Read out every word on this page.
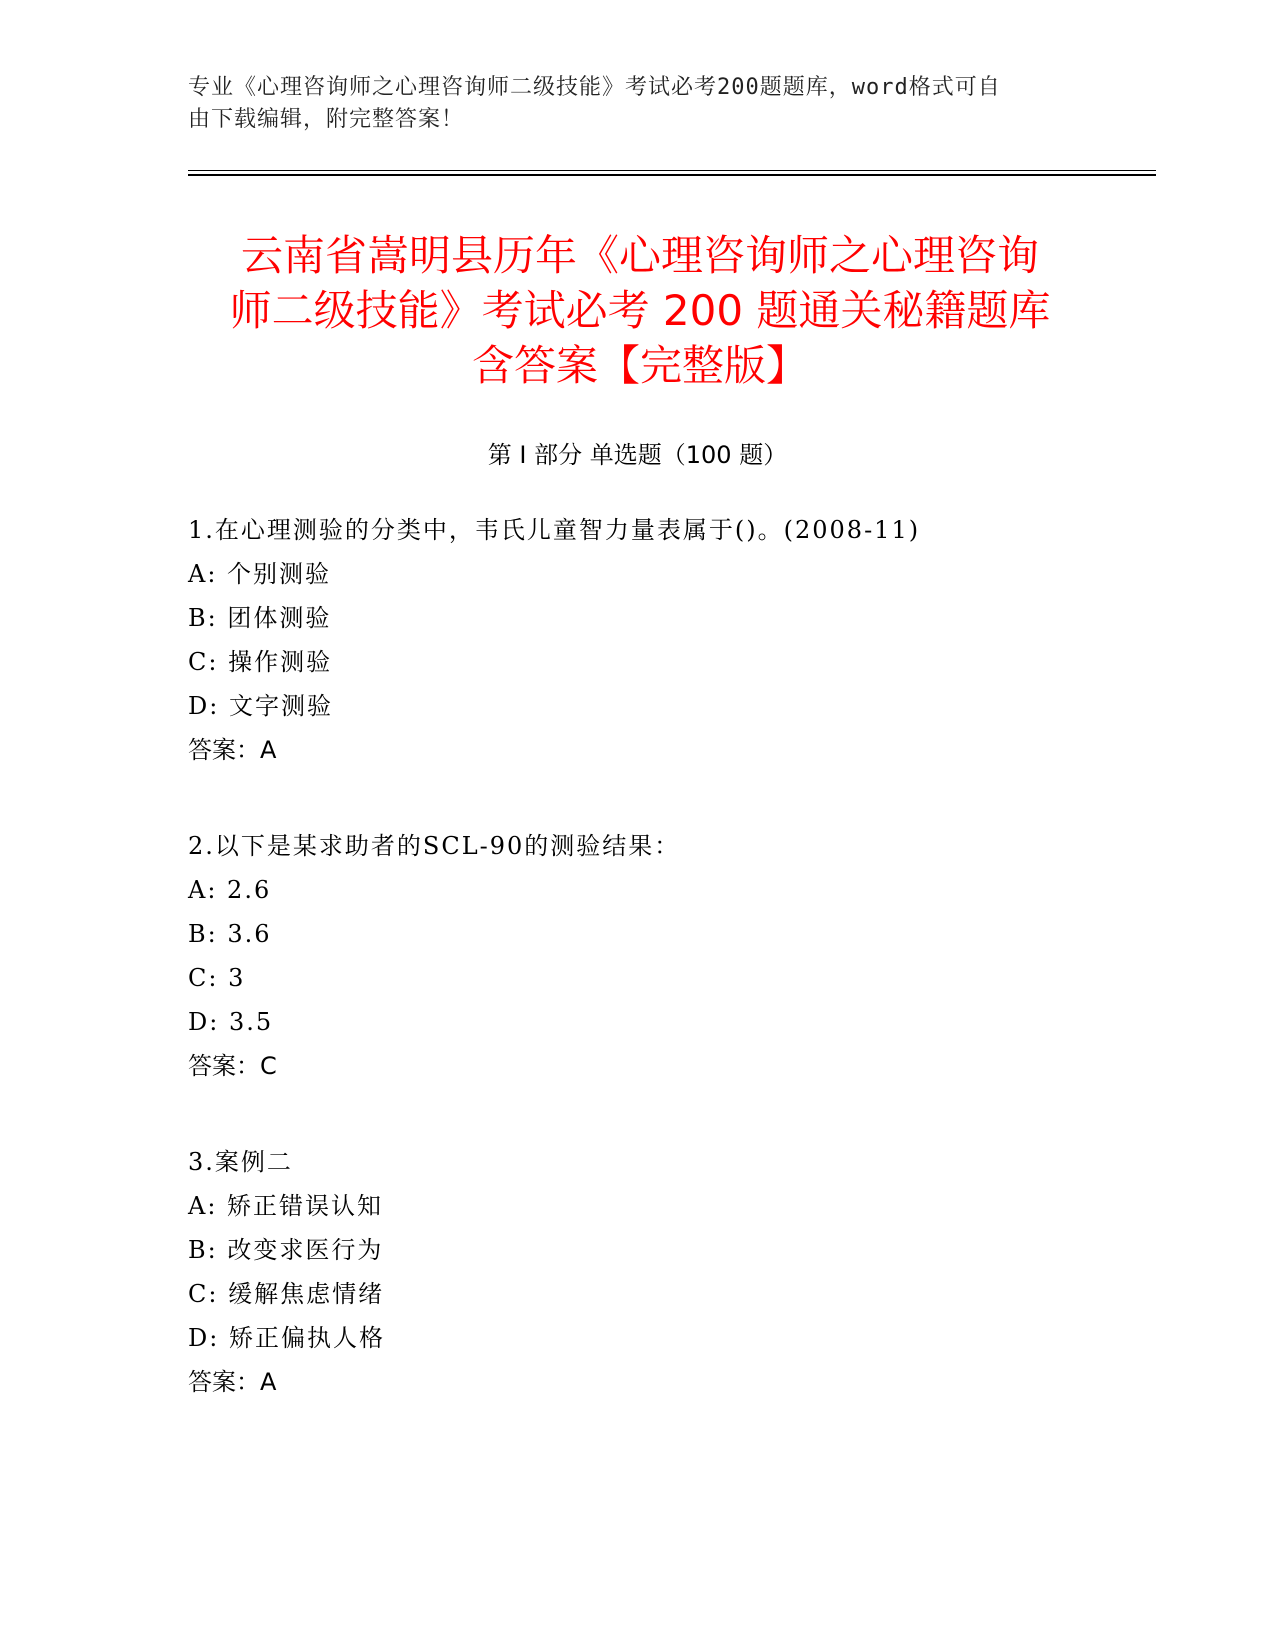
专业《心理咨询师之心理咨询师二级技能》考试必考200题题库，word格式可自
由下载编辑，附完整答案！
云南省嵩明县历年《心理咨询师之心理咨询
师二级技能》考试必考 200 题通关秘籍题库
含答案【完整版】
第 I 部分 单选题（100 题）
1.在心理测验的分类中，韦氏儿童智力量表属于()。(2008-11)
A: 个别测验
B: 团体测验
C: 操作测验
D: 文字测验
答案：A
2.以下是某求助者的SCL-90的测验结果：
A: 2.6
B: 3.6
C: 3
D: 3.5
答案：C
3.案例二
A: 矫正错误认知
B: 改变求医行为
C: 缓解焦虑情绪
D: 矫正偏执人格
答案：A
